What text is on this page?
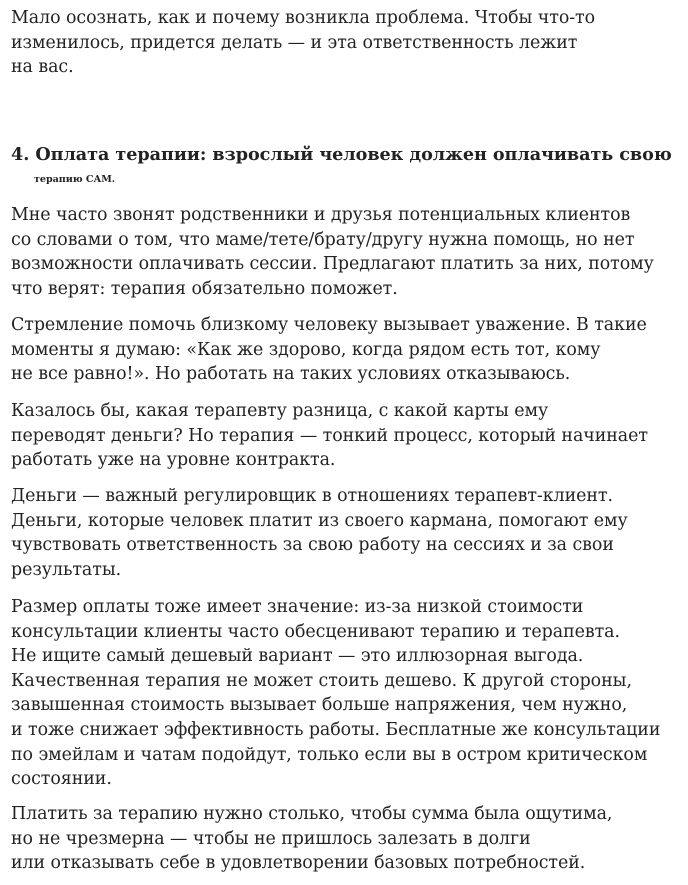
Мало осознать, как и почему возникла проблема. Чтобы что-то
изменилось, придется делать — и эта ответственность лежит
на вас.
4. Оплата терапии: взрослый человек должен оплачивать свою
терапию САМ.
Мне часто звонят родственники и друзья потенциальных клиентов
со словами о том, что маме/тете/брату/другу нужна помощь, но нет
возможности оплачивать сессии. Предлагают платить за них, потому
что верят: терапия обязательно поможет.
Стремление помочь близкому человеку вызывает уважение. В такие
моменты я думаю: «Как же здорово, когда рядом есть тот, кому
не все равно!». Но работать на таких условиях отказываюсь.
Казалось бы, какая терапевту разница, с какой карты ему
переводят деньги? Но терапия — тонкий процесс, который начинает
работать уже на уровне контракта.
Деньги — важный регулировщик в отношениях терапевт-клиент.
Деньги, которые человек платит из своего кармана, помогают ему
чувствовать ответственность за свою работу на сессиях и за свои
результаты.
Размер оплаты тоже имеет значение: из-за низкой стоимости
консультации клиенты часто обесценивают терапию и терапевта.
Не ищите самый дешевый вариант — это иллюзорная выгода.
Качественная терапия не может стоить дешево. К другой стороны,
завышенная стоимость вызывает больше напряжения, чем нужно,
и тоже снижает эффективность работы. Бесплатные же консультации
по эмейлам и чатам подойдут, только если вы в остром критическом
состоянии.
Платить за терапию нужно столько, чтобы сумма была ощутима,
но не чрезмерна — чтобы не пришлось залезать в долги
или отказывать себе в удовлетворении базовых потребностей.
